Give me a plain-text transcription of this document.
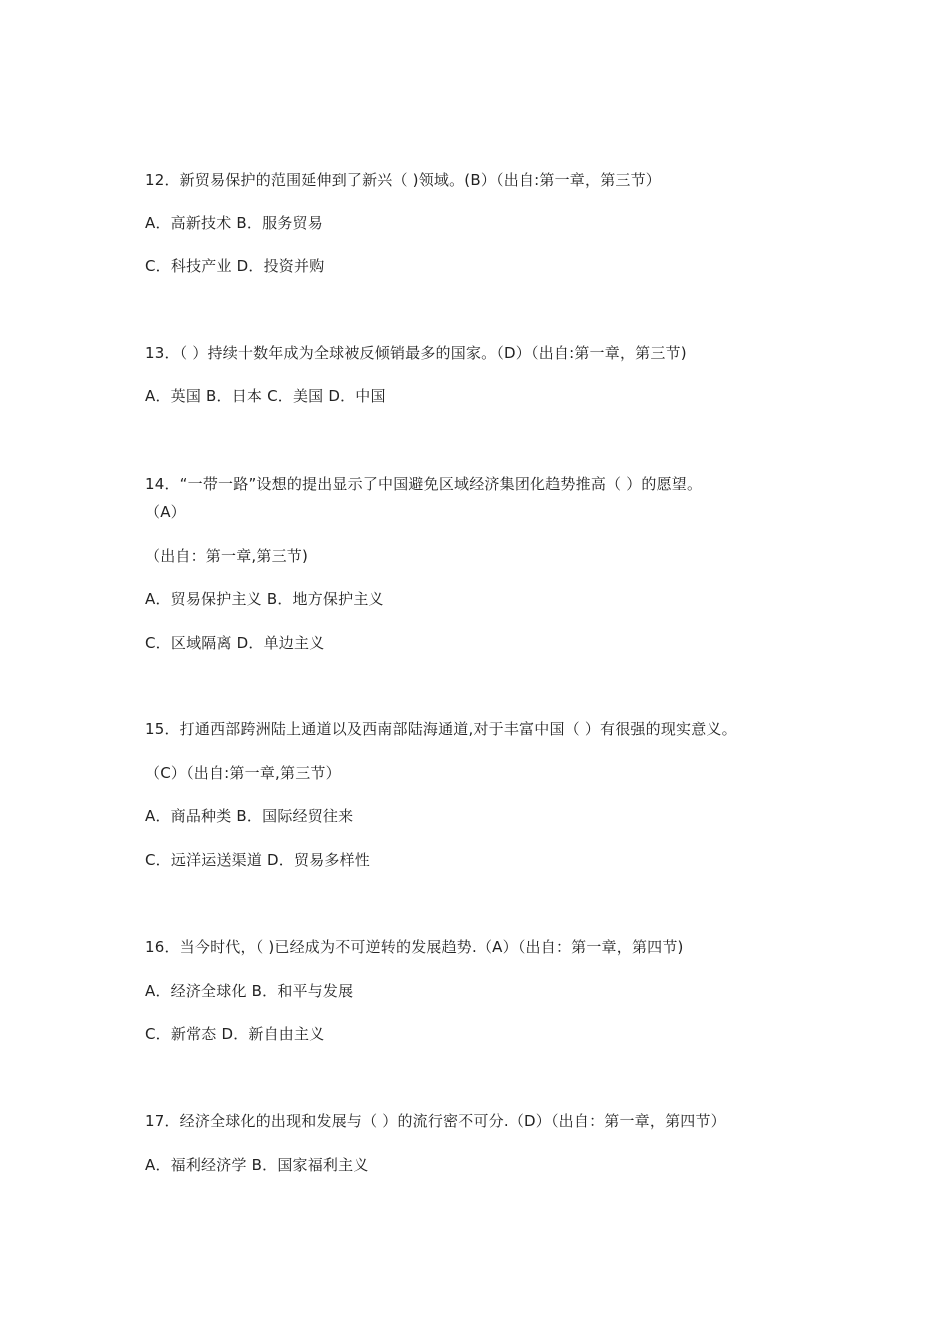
12．新贸易保护的范围延伸到了新兴（ )领域。(B）（出自:第一章，第三节）
A．高新技术 B．服务贸易
C．科技产业 D．投资并购
13．（ ）持续十数年成为全球被反倾销最多的国家。（D）（出自:第一章，第三节)
A．英国 B．日本 C．美国 D．中国
14．“一带一路”设想的提出显示了中国避免区域经济集团化趋势推高（ ）的愿望。
（A）
（出自：第一章,第三节)
A．贸易保护主义 B．地方保护主义
C．区域隔离 D．单边主义
15．打通西部跨洲陆上通道以及西南部陆海通道,对于丰富中国（ ）有很强的现实意义。
（C）（出自:第一章,第三节）
A．商品种类 B．国际经贸往来
C．远洋运送渠道 D．贸易多样性
16．当今时代，（ )已经成为不可逆转的发展趋势.（A）（出自：第一章，第四节)
A．经济全球化 B．和平与发展
C．新常态 D．新自由主义
17．经济全球化的出现和发展与（ ）的流行密不可分.（D）（出自：第一章，第四节）
A．福利经济学 B．国家福利主义
